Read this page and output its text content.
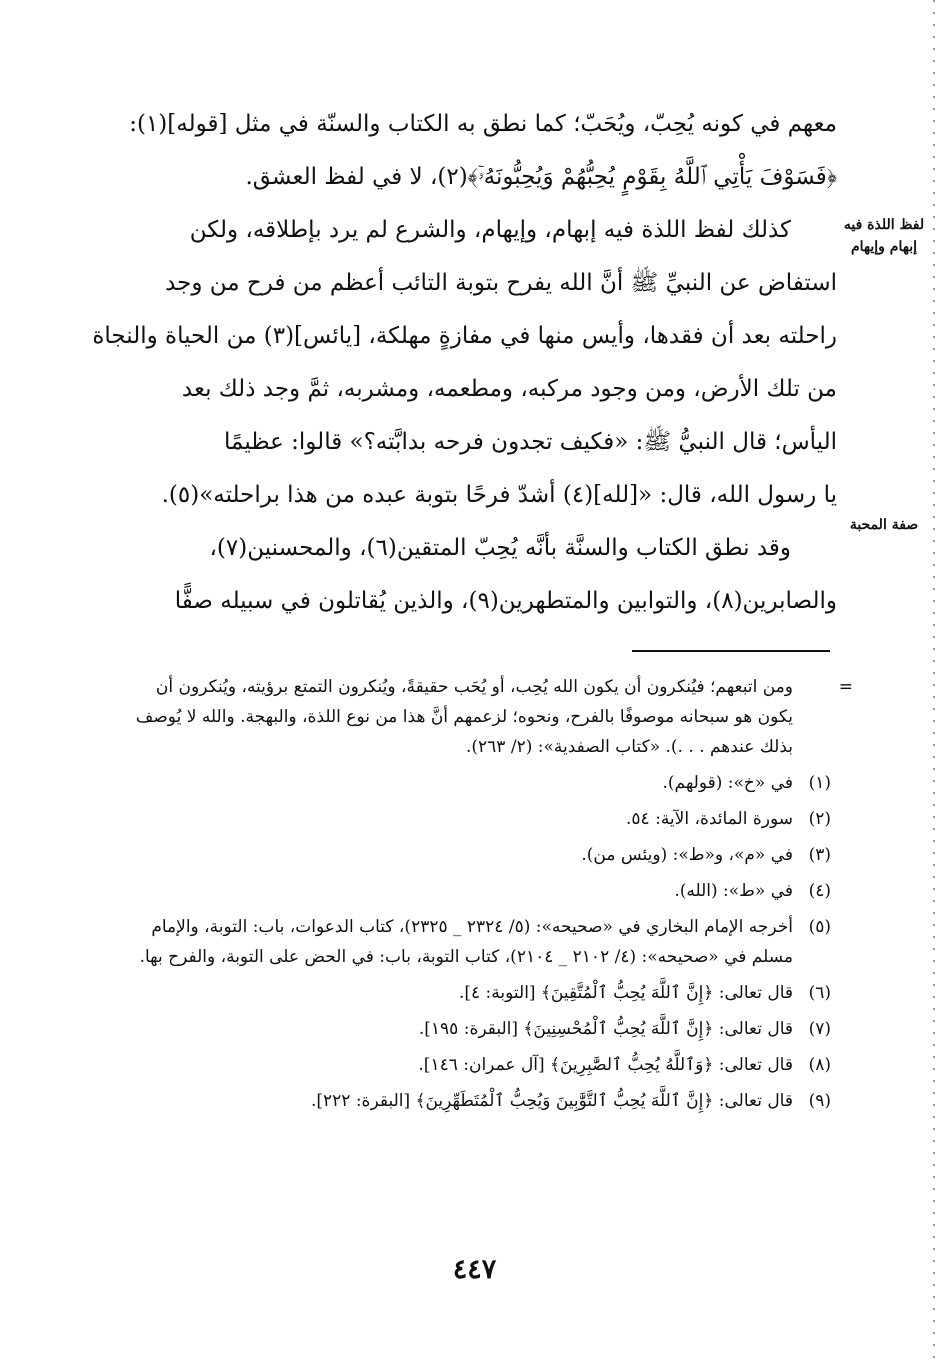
معهم في كونه يُحِبّ، ويُحَبّ؛ كما نطق به الكتاب والسنّة في مثل [قوله](١):
﴿فَسَوْفَ يَأْتِي ٱللَّهُ بِقَوْمٍ يُحِبُّهُمْ وَيُحِبُّونَهُۥٓ﴾(٢)، لا في لفظ العشق.

كذلك لفظ اللذة فيه إبهام، وإيهام، والشرع لم يرد بإطلاقه، ولكن
استفاض عن النبيِّ ﷺ أنَّ الله يفرح بتوبة التائب أعظم من فرح من وجد
راحلته بعد أن فقدها، وأيس منها في مفازةٍ مهلكة، [يائس](٣) من الحياة والنجاة
من تلك الأرض، ومن وجود مركبه، ومطعمه، ومشربه، ثمَّ وجد ذلك بعد
اليأس؛ قال النبيُّ ﷺ: «فكيف تجدون فرحه بدابَّته؟» قالوا: عظيمًا
يا رسول الله، قال: «[لله](٤) أشدّ فرحًا بتوبة عبده من هذا براحلته»(٥).

وقد نطق الكتاب والسنَّة بأنَّه يُحِبّ المتقين(٦)، والمحسنين(٧)،
والصابرين(٨)، والتوابين والمتطهرين(٩)، والذين يُقاتلون في سبيله صفًّا

لفظ اللذة فيه إبهام وإيهام
صفة المحبة
=
ومن اتبعهم؛ فيُنكرون أن يكون الله يُحِب، أو يُحَب حقيقةً، ويُنكرون التمتع برؤيته، ويُنكرون أن يكون هو سبحانه موصوفًا بالفرح، ونحوه؛ لزعمهم أنَّ هذا من نوع اللذة، والبهجة. والله لا يُوصف بذلك عندهم . . .). «كتاب الصفدية»: (٢/ ٢٦٣).
(١)
في «خ»: (قولهم).
(٢)
سورة المائدة، الآية: ٥٤.
(٣)
في «م»، و«ط»: (ويئس من).
(٤)
في «ط»: (الله).
(٥)
أخرجه الإمام البخاري في «صحيحه»: (٥/ ٢٣٢٤ _ ٢٣٢٥)، كتاب الدعوات، باب: التوبة، والإمام مسلم في «صحيحه»: (٤/ ٢١٠٢ _ ٢١٠٤)، كتاب التوبة، باب: في الحض على التوبة، والفرح بها.
(٦)
قال تعالى: ﴿إِنَّ ٱللَّهَ يُحِبُّ ٱلْمُتَّقِينَ﴾ [التوبة: ٤].
(٧)
قال تعالى: ﴿إِنَّ ٱللَّهَ يُحِبُّ ٱلْمُحْسِنِينَ﴾ [البقرة: ١٩٥].
(٨)
قال تعالى: ﴿وَٱللَّهُ يُحِبُّ ٱلصَّٰبِرِينَ﴾ [آل عمران: ١٤٦].
(٩)
قال تعالى: ﴿إِنَّ ٱللَّهَ يُحِبُّ ٱلتَّوَّٰبِينَ وَيُحِبُّ ٱلْمُتَطَهِّرِينَ﴾ [البقرة: ٢٢٢].
٤٤٧
